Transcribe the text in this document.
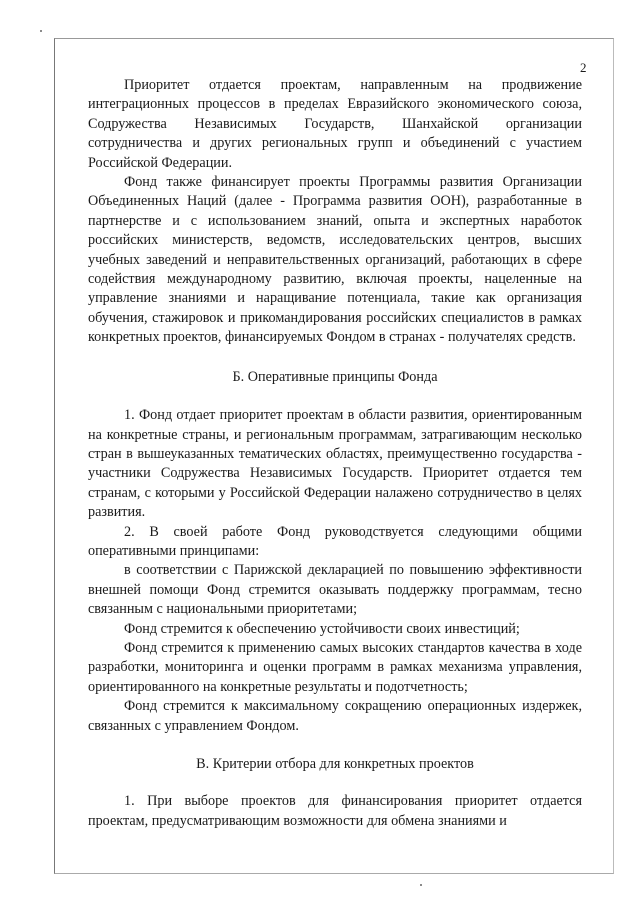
2

Приоритет отдается проектам, направленным на продвижение интеграционных процессов в пределах Евразийского экономического союза, Содружества Независимых Государств, Шанхайской организации сотрудничества и других региональных групп и объединений с участием Российской Федерации.

Фонд также финансирует проекты Программы развития Организации Объединенных Наций (далее - Программа развития ООН), разработанные в партнерстве и с использованием знаний, опыта и экспертных наработок российских министерств, ведомств, исследовательских центров, высших учебных заведений и неправительственных организаций, работающих в сфере содействия международному развитию, включая проекты, нацеленные на управление знаниями и наращивание потенциала, такие как организация обучения, стажировок и прикомандирования российских специалистов в рамках конкретных проектов, финансируемых Фондом в странах - получателях средств.

Б. Оперативные принципы Фонда

1. Фонд отдает приоритет проектам в области развития, ориентированным на конкретные страны, и региональным программам, затрагивающим несколько стран в вышеуказанных тематических областях, преимущественно государства - участники Содружества Независимых Государств. Приоритет отдается тем странам, с которыми у Российской Федерации налажено сотрудничество в целях развития.

2. В своей работе Фонд руководствуется следующими общими оперативными принципами:

в соответствии с Парижской декларацией по повышению эффективности внешней помощи Фонд стремится оказывать поддержку программам, тесно связанным с национальными приоритетами;

Фонд стремится к обеспечению устойчивости своих инвестиций;

Фонд стремится к применению самых высоких стандартов качества в ходе разработки, мониторинга и оценки программ в рамках механизма управления, ориентированного на конкретные результаты и подотчетность;

Фонд стремится к максимальному сокращению операционных издержек, связанных с управлением Фондом.

В. Критерии отбора для конкретных проектов

1. При выборе проектов для финансирования приоритет отдается проектам, предусматривающим возможности для обмена знаниями и
